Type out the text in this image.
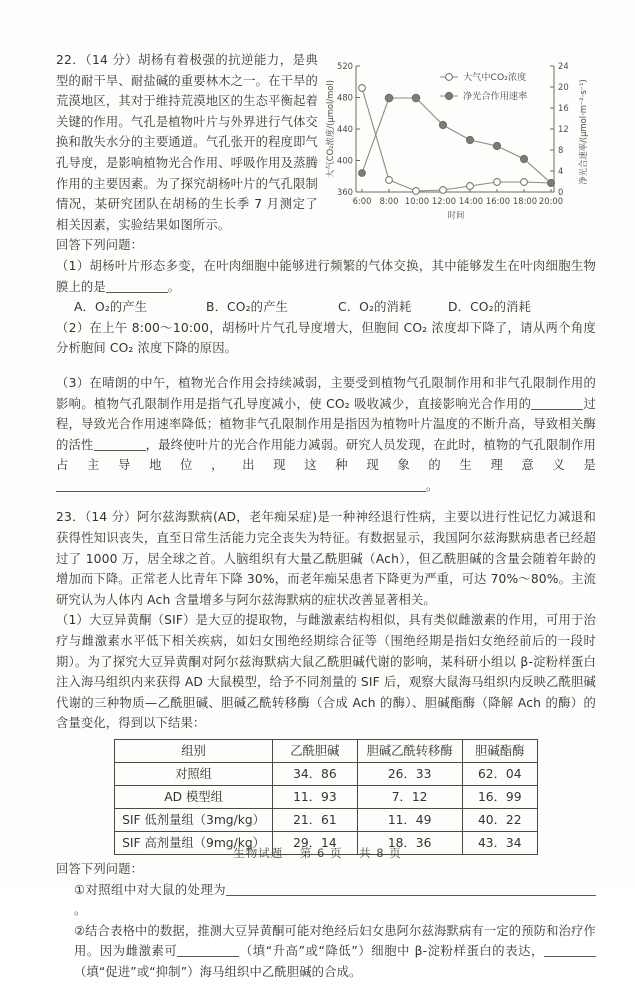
22．（14 分）胡杨有着极强的抗逆能力，是典型的耐干旱、耐盐碱的重要林木之一。在干旱的荒漠地区，其对于维持荒漠地区的生态平衡起着关键的作用。气孔是植物叶片与外界进行气体交换和散失水分的主要通道。气孔张开的程度即气孔导度，是影响植物光合作用、呼吸作用及蒸腾作用的主要因素。为了探究胡杨叶片的气孔限制情况，某研究团队在胡杨的生长季 7 月测定了相关因素，实验结果如图所示。
520
480
440
400
360
24
20
16
12
8
4
0
6:00 8:00 10:00 12:00 14:00 16:00 18:00 20:00
时间
大气CO₂浓度/(μmol/mol)	净光合速率/(μmol·m⁻²·s⁻¹)
大气中CO₂浓度
净光合作用速率

回答下列问题：

（1）胡杨叶片形态多变，在叶肉细胞中能够进行频繁的气体交换，其中能够发生在叶肉细胞生物膜上的是	。

A．O₂的产生	B．CO₂的产生	C．O₂的消耗	D．CO₂的消耗

（2）在上午 8:00～10:00，胡杨叶片气孔导度增大，但胞间 CO₂ 浓度却下降了，请从两个角度分析胞间 CO₂ 浓度下降的原因。

（3）在晴朗的中午，植物光合作用会持续减弱，主要受到植物气孔限制作用和非气孔限制作用的影响。植物气孔限制作用是指气孔导度减小，使 CO₂ 吸收减少，直接影响光合作用的	过程，导致光合作用速率降低；植物非气孔限制作用是指因为植物叶片温度的不断升高，导致相关酶的活性	，最终使叶片的光合作用能力减弱。研究人员发现，在此时，植物的气孔限制作用占主导地位，出现这种现象的生理意义是。

23．（14 分）阿尔兹海默病(AD，老年痴呆症)是一种神经退行性病，主要以进行性记忆力减退和获得性知识丧失，直至日常生活能力完全丧失为特征。有数据显示，我国阿尔兹海默病患者已经超过了 1000 万，居全球之首。人脑组织有大量乙酰胆碱（Ach），但乙酰胆碱的含量会随着年龄的增加而下降。正常老人比青年下降 30%，而老年痴呆患者下降更为严重，可达 70%～80%。主流研究认为人体内 Ach 含量增多与阿尔兹海默病的症状改善显著相关。

（1）大豆异黄酮（SIF）是大豆的提取物，与雌激素结构相似，具有类似雌激素的作用，可用于治疗与雌激素水平低下相关疾病，如妇女围绝经期综合征等（围绝经期是指妇女绝经前后的一段时期）。为了探究大豆异黄酮对阿尔兹海默病大鼠乙酰胆碱代谢的影响，某科研小组以 β-淀粉样蛋白注入海马组织内来获得 AD 大鼠模型，给予不同剂量的 SIF 后，观察大鼠海马组织内反映乙酰胆碱代谢的三种物质—乙酰胆碱、胆碱乙酰转移酶（合成 Ach 的酶）、胆碱酯酶（降解 Ach 的酶）的含量变化，得到以下结果：

组别	乙酰胆碱	胆碱乙酰转移酶	胆碱酯酶
对照组	34．86	26．33	62．04
AD 模型组	11．93	7．12	16．99
SIF 低剂量组（3mg/kg）	21．61	11．49	40．22
SIF 高剂量组（9mg/kg）	29．14	18．36	43．34

回答下列问题：

①对照组中对大鼠的处理为。

②结合表格中的数据，推测大豆异黄酮可能对绝经后妇女患阿尔兹海默病有一定的预防和治疗作用。因为雌激素可	（填“升高”或“降低”）细胞中 β-淀粉样蛋白的表达，（填“促进”或“抑制”）海马组织中乙酰胆碱的合成。

生物试题 第 6 页 共 8 页
